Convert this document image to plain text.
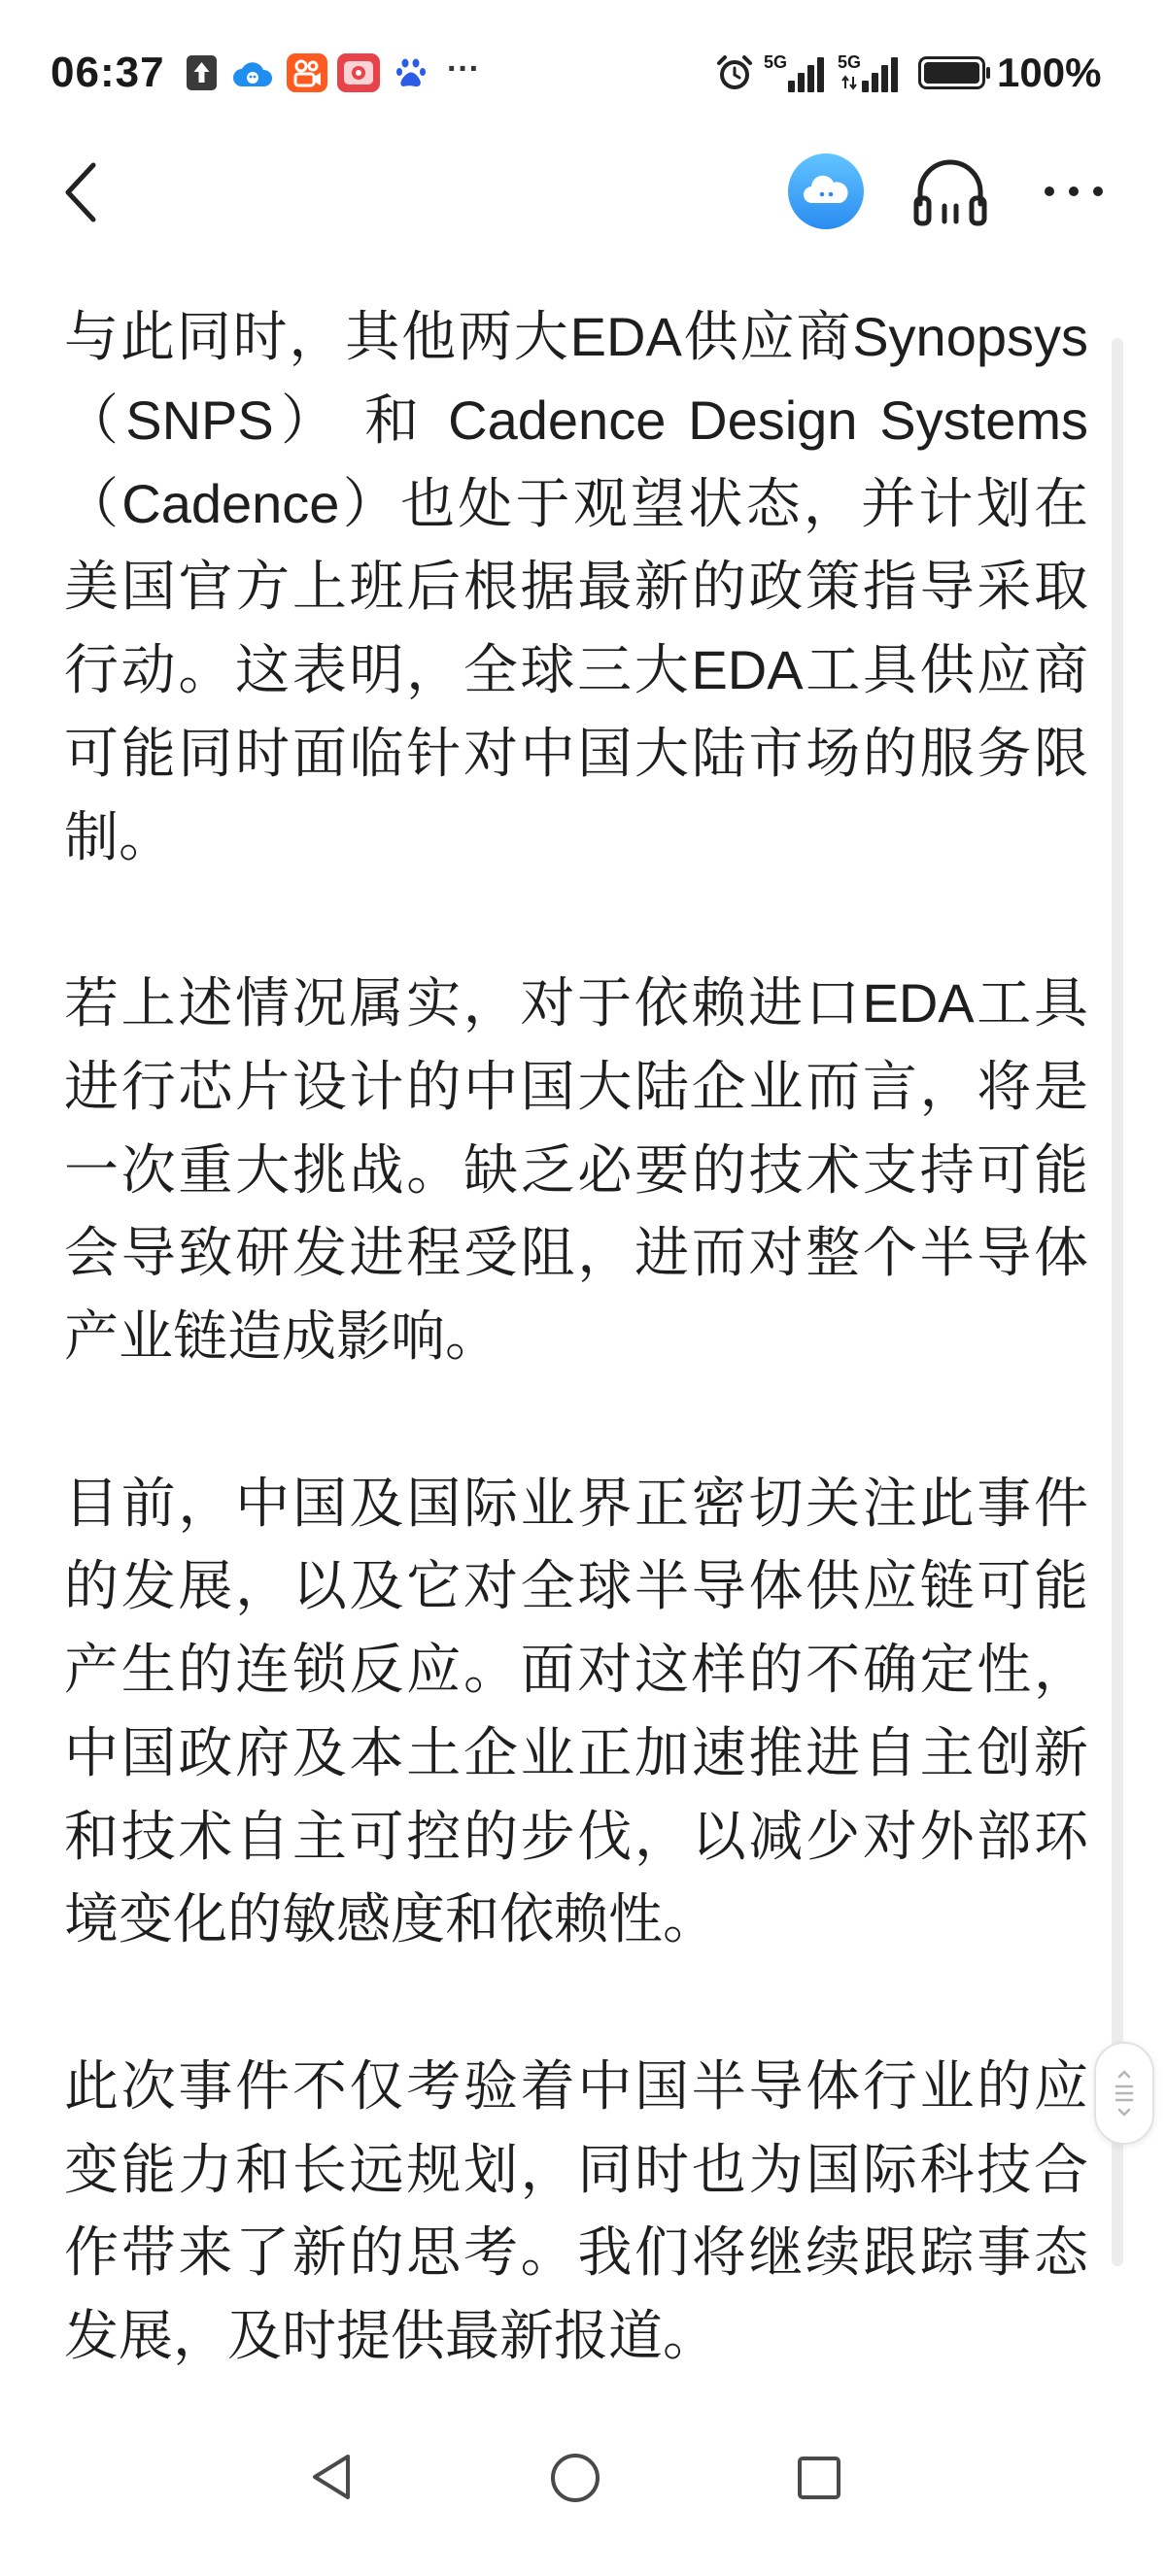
06:37	···	5G	5G	100%
与此同时，其他两大EDA供应商Synopsys
（SNPS） 和 Cadence Design Systems
（Cadence）也处于观望状态，并计划在
美国官方上班后根据最新的政策指导采取
行动。这表明，全球三大EDA工具供应商
可能同时面临针对中国大陆市场的服务限
制。
若上述情况属实，对于依赖进口EDA工具
进行芯片设计的中国大陆企业而言，将是
一次重大挑战。缺乏必要的技术支持可能
会导致研发进程受阻，进而对整个半导体
产业链造成影响。
目前，中国及国际业界正密切关注此事件
的发展，以及它对全球半导体供应链可能
产生的连锁反应。面对这样的不确定性，
中国政府及本土企业正加速推进自主创新
和技术自主可控的步伐，以减少对外部环
境变化的敏感度和依赖性。
此次事件不仅考验着中国半导体行业的应
变能力和长远规划，同时也为国际科技合
作带来了新的思考。我们将继续跟踪事态
发展，及时提供最新报道。
